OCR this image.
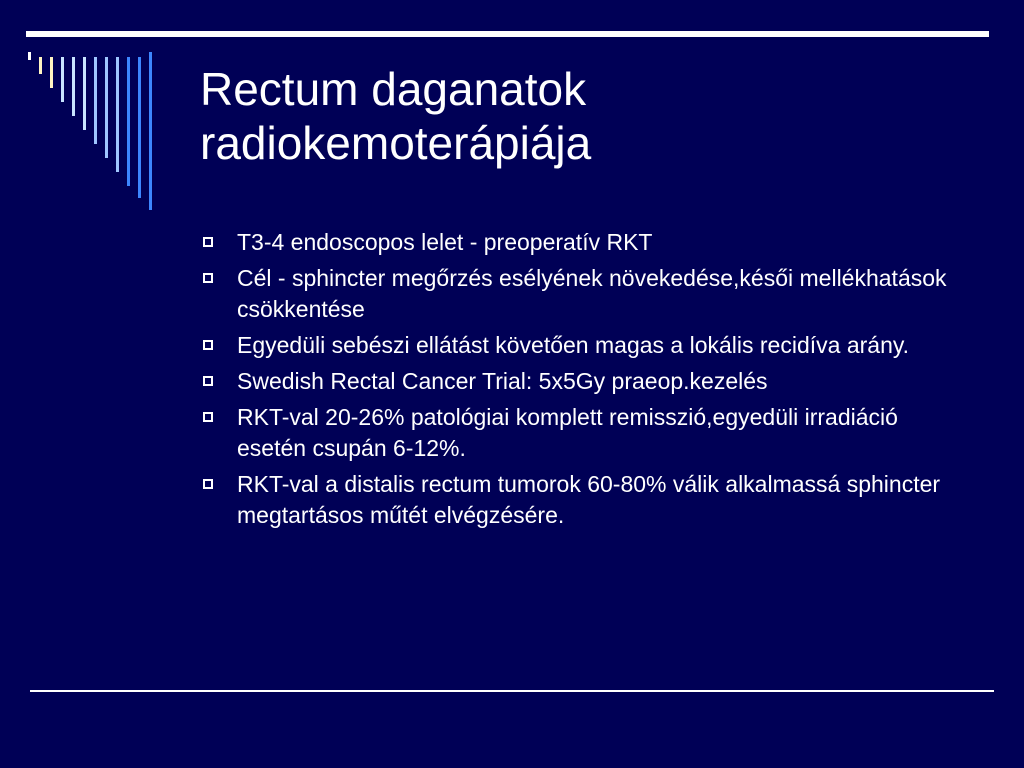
Rectum daganatok
radiokemoterápiája
T3-4 endoscopos lelet - preoperatív RKT
Cél - sphincter megőrzés esélyének növekedése,késői mellékhatások csökkentése
Egyedüli sebészi ellátást követően magas a lokális recidíva arány.
Swedish Rectal Cancer Trial: 5x5Gy praeop.kezelés
RKT-val 20-26% patológiai komplett remisszió,egyedüli irradiáció esetén csupán 6-12%.
RKT-val a distalis rectum tumorok 60-80% válik alkalmassá sphincter megtartásos műtét elvégzésére.
